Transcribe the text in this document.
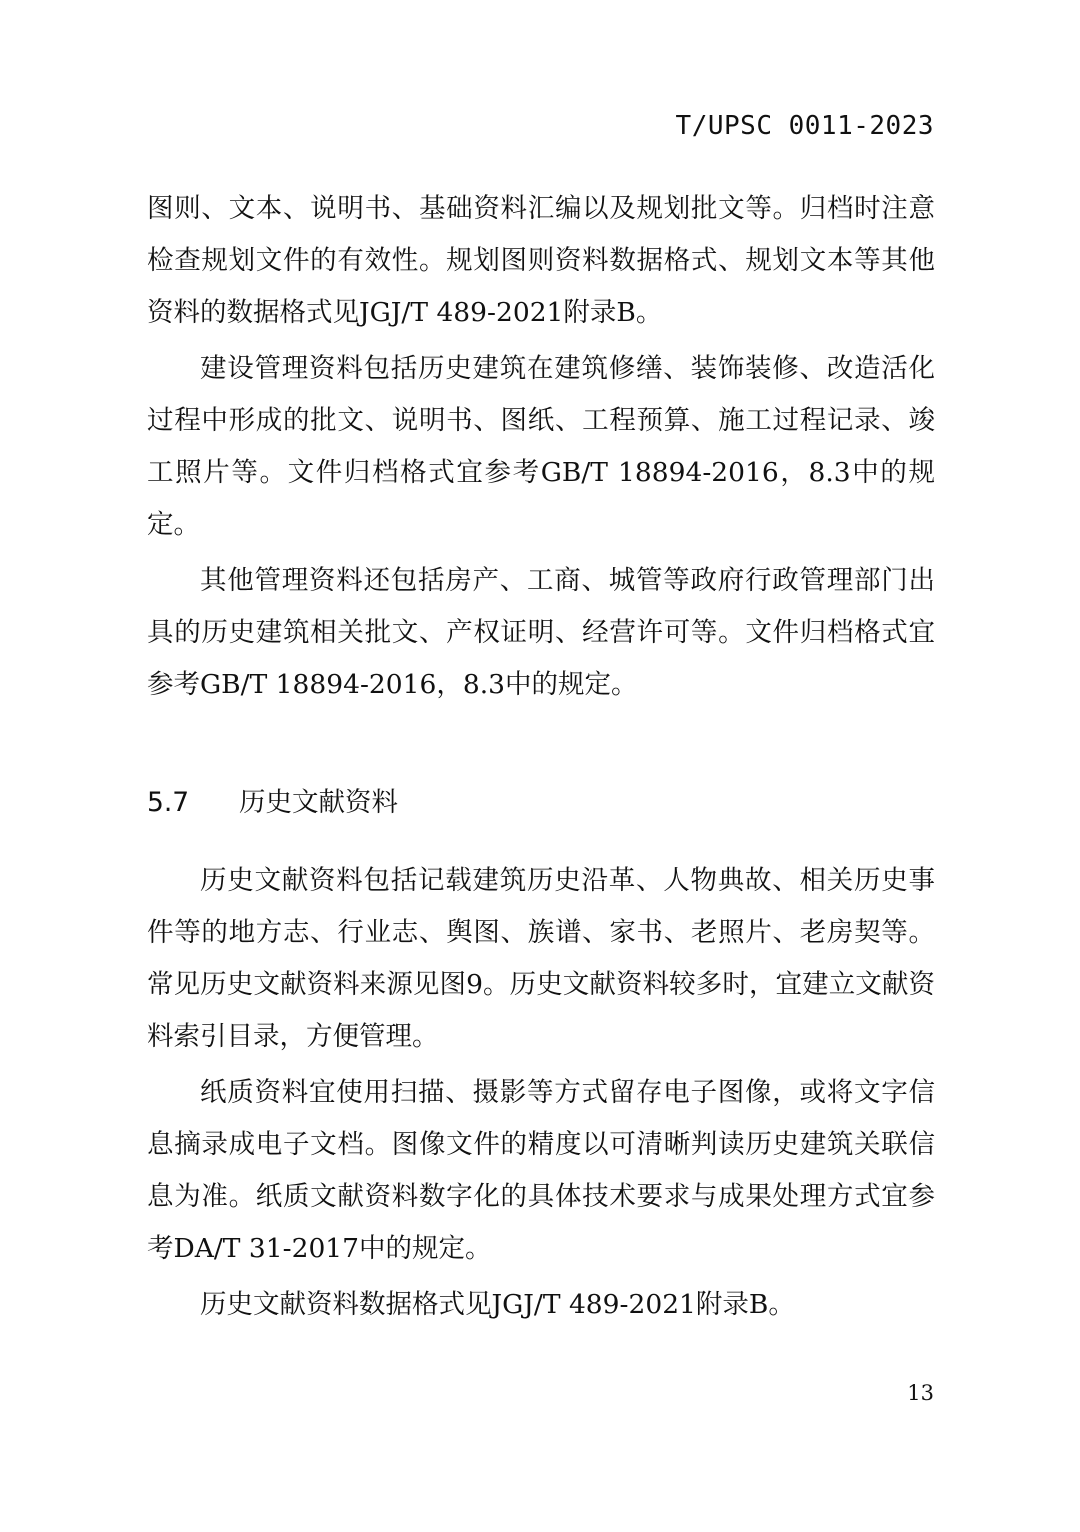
T/UPSC 0011-2023

图则、文本、说明书、基础资料汇编以及规划批文等。归档时注意检查规划文件的有效性。规划图则资料数据格式、规划文本等其他资料的数据格式见JGJ/T 489-2021附录B。

建设管理资料包括历史建筑在建筑修缮、装饰装修、改造活化过程中形成的批文、说明书、图纸、工程预算、施工过程记录、竣工照片等。文件归档格式宜参考GB/T 18894-2016，8.3中的规定。

其他管理资料还包括房产、工商、城管等政府行政管理部门出具的历史建筑相关批文、产权证明、经营许可等。文件归档格式宜参考GB/T 18894-2016，8.3中的规定。

5.7	历史文献资料

历史文献资料包括记载建筑历史沿革、人物典故、相关历史事件等的地方志、行业志、舆图、族谱、家书、老照片、老房契等。常见历史文献资料来源见图9。历史文献资料较多时，宜建立文献资料索引目录，方便管理。

纸质资料宜使用扫描、摄影等方式留存电子图像，或将文字信息摘录成电子文档。图像文件的精度以可清晰判读历史建筑关联信息为准。纸质文献资料数字化的具体技术要求与成果处理方式宜参考DA/T 31-2017中的规定。

历史文献资料数据格式见JGJ/T 489-2021附录B。

13
